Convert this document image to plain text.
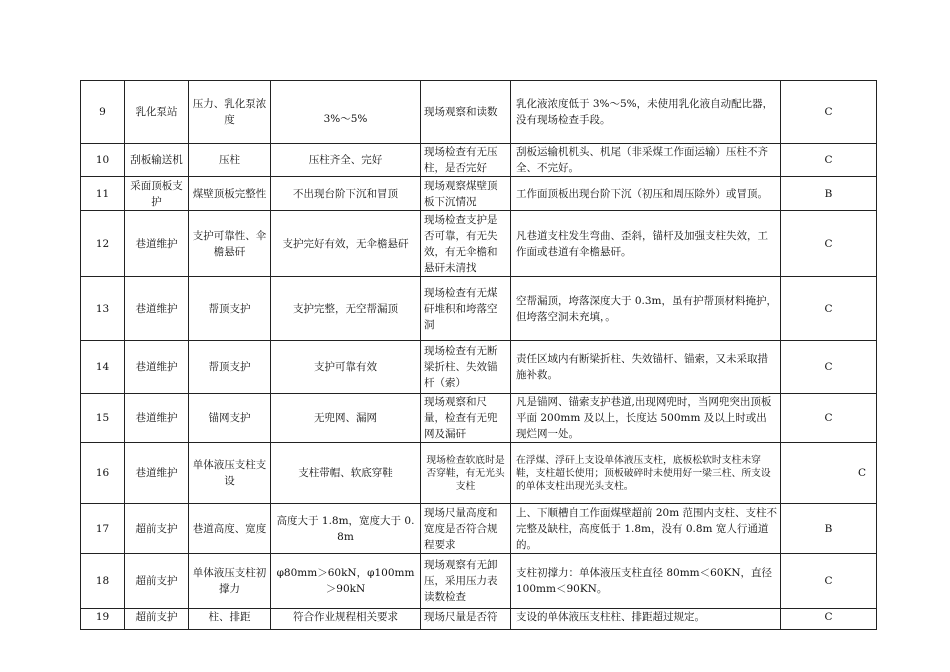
9	乳化泵站	压力、乳化泵浓度	3%～5%	现场观察和读数	乳化液浓度低于 3%～5%，未使用乳化液自动配比器，没有现场检查手段。	C
10	刮板输送机	压柱	压柱齐全、完好	现场检查有无压柱，是否完好	刮板运输机机头、机尾（非采煤工作面运输）压柱不齐全、不完好。	C
11	采面顶板支护	煤壁顶板完整性	不出现台阶下沉和冒顶	现场观察煤壁顶板下沉情况	工作面顶板出现台阶下沉（初压和周压除外）或冒顶。	B
12	巷道维护	支护可靠性、伞檐悬矸	支护完好有效，无伞檐悬矸	现场检查支护是否可靠，有无失效，有无伞檐和悬矸未清找	凡巷道支柱发生弯曲、歪斜，锚杆及加强支柱失效，工作面或巷道有伞檐悬矸。	C
13	巷道维护	帮顶支护	支护完整，无空帮漏顶	现场检查有无煤矸堆积和垮落空洞	空帮漏顶，垮落深度大于 0.3m，虽有护帮顶材料掩护，但垮落空洞未充填，。	C
14	巷道维护	帮顶支护	支护可靠有效	现场检查有无断梁折柱、失效锚杆（索）	责任区域内有断梁折柱、失效锚杆、锚索，又未采取措施补救。	C
15	巷道维护	锚网支护	无兜网、漏网	现场观察和尺量，检查有无兜网及漏矸	凡是锚网、锚索支护巷道,出现网兜时，当网兜突出顶板平面 200mm 及以上，长度达 500mm 及以上时或出现烂网一处。	C
16	巷道维护	单体液压支柱支设	支柱带帽、软底穿鞋	现场检查软底时是否穿鞋，有无光头支柱	在浮煤、浮矸上支设单体液压支柱，底板松软时支柱未穿鞋，支柱超长使用；顶板破碎时未使用好一梁三柱、所支设的单体支柱出现光头支柱。	C
17	超前支护	巷道高度、宽度	高度大于 1.8m，宽度大于 0.8m	现场尺量高度和宽度是否符合规程要求	上、下顺槽自工作面煤壁超前 20m 范围内支柱、支柱不完整及缺柱，高度低于 1.8m，没有 0.8m 宽人行通道的。	B
18	超前支护	单体液压支柱初撑力	φ80mm＞60kN，φ100mm＞90kN	现场观察有无卸压，采用压力表读数检查	支柱初撑力：单体液压支柱直径 80mm＜60KN，直径 100mm＜90KN。	C
19	超前支护	柱、排距	符合作业规程相关要求	现场尺量是否符	支设的单体液压支柱柱、排距超过规定。	C
